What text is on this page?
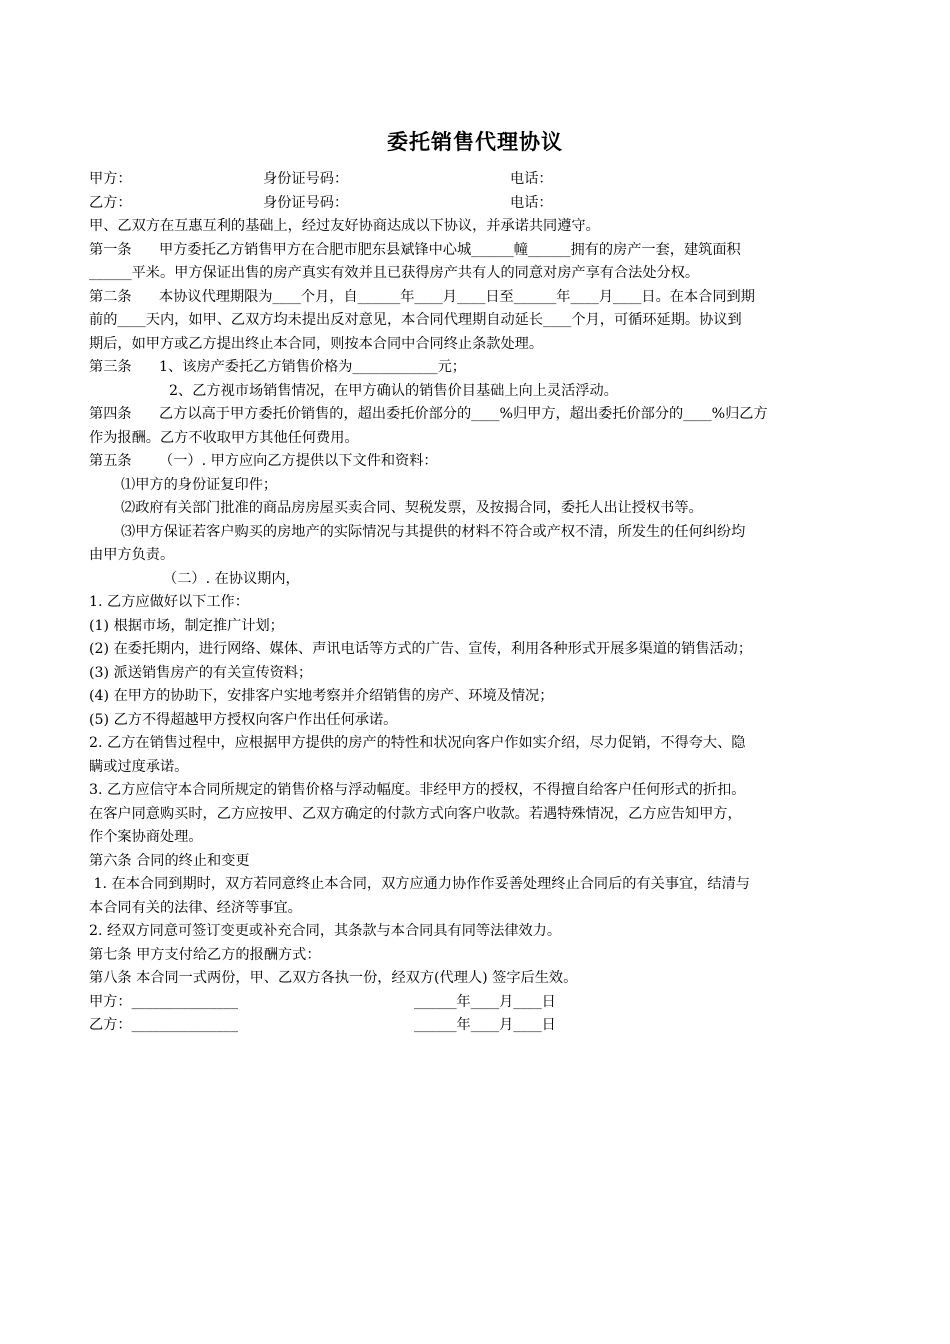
委托销售代理协议
甲方：	身份证号码：	电话：
乙方：	身份证号码：	电话：
甲、乙双方在互惠互利的基础上，经过友好协商达成以下协议，并承诺共同遵守。
第一条 甲方委托乙方销售甲方在合肥市肥东县斌锋中心城______幢______拥有的房产一套，建筑面积
______平米。甲方保证出售的房产真实有效并且已获得房产共有人的同意对房产享有合法处分权。
第二条 本协议代理期限为____个月，自______年____月____日至______年____月____日。在本合同到期
前的____天内，如甲、乙双方均未提出反对意见，本合同代理期自动延长____个月，可循环延期。协议到
期后，如甲方或乙方提出终止本合同，则按本合同中合同终止条款处理。
第三条 1、该房产委托乙方销售价格为____________元；
2、乙方视市场销售情况，在甲方确认的销售价目基础上向上灵活浮动。
第四条 乙方以高于甲方委托价销售的，超出委托价部分的____%归甲方，超出委托价部分的____%归乙方
作为报酬。乙方不收取甲方其他任何费用。
第五条 （一）. 甲方应向乙方提供以下文件和资料：
⑴甲方的身份证复印件；
⑵政府有关部门批准的商品房房屋买卖合同、契税发票，及按揭合同，委托人出让授权书等。
⑶甲方保证若客户购买的房地产的实际情况与其提供的材料不符合或产权不清，所发生的任何纠纷均
由甲方负责。
（二）. 在协议期内，
1. 乙方应做好以下工作：
(1) 根据市场，制定推广计划；
(2) 在委托期内，进行网络、媒体、声讯电话等方式的广告、宣传，利用各种形式开展多渠道的销售活动；
(3) 派送销售房产的有关宣传资料；
(4) 在甲方的协助下，安排客户实地考察并介绍销售的房产、环境及情况；
(5) 乙方不得超越甲方授权向客户作出任何承诺。
2. 乙方在销售过程中，应根据甲方提供的房产的特性和状况向客户作如实介绍，尽力促销，不得夸大、隐
瞒或过度承诺。
3. 乙方应信守本合同所规定的销售价格与浮动幅度。非经甲方的授权，不得擅自给客户任何形式的折扣。
在客户同意购买时，乙方应按甲、乙双方确定的付款方式向客户收款。若遇特殊情况，乙方应告知甲方，
作个案协商处理。
第六条 合同的终止和变更
1. 在本合同到期时，双方若同意终止本合同，双方应通力协作作妥善处理终止合同后的有关事宜，结清与
本合同有关的法律、经济等事宜。
2. 经双方同意可签订变更或补充合同，其条款与本合同具有同等法律效力。
第七条 甲方支付给乙方的报酬方式：
第八条 本合同一式两份，甲、乙双方各执一份，经双方(代理人) 签字后生效。
甲方：_______________	______年____月____日
乙方：_______________	______年____月____日
